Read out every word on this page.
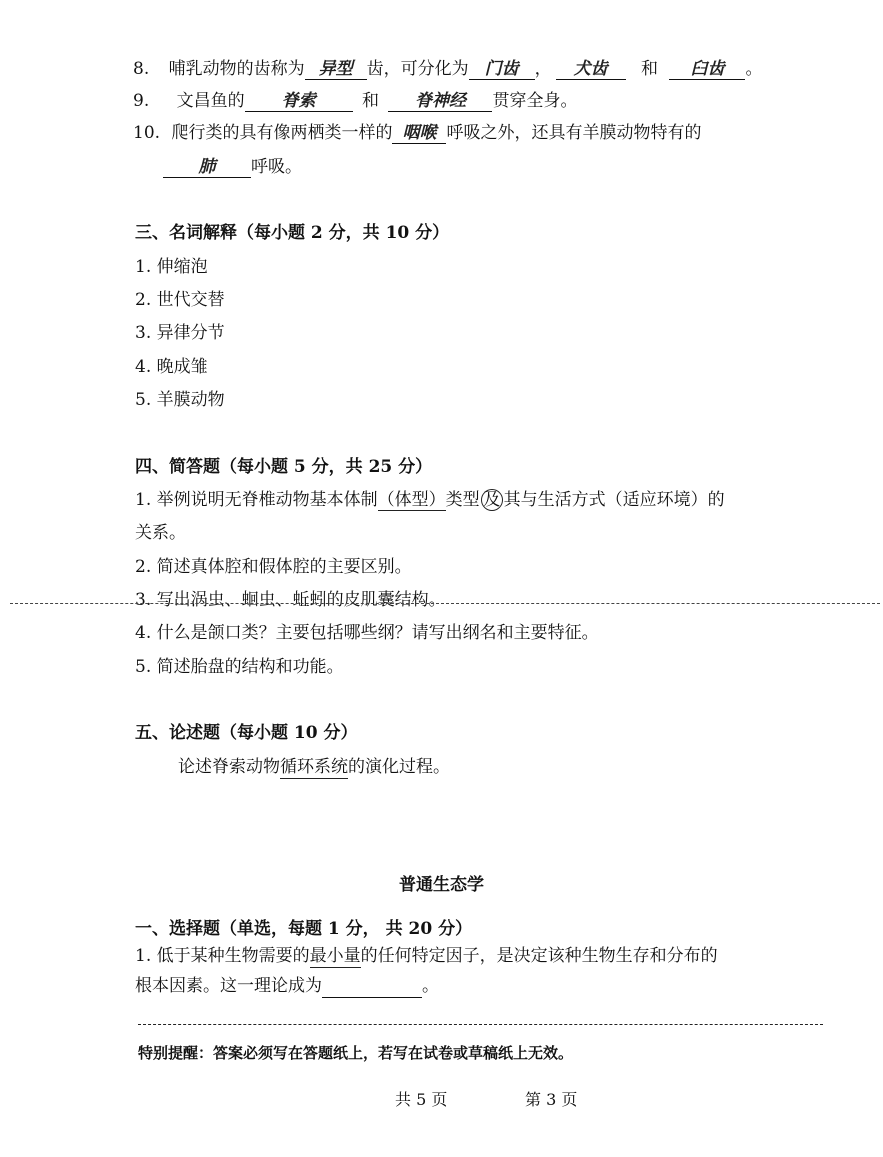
8. 哺乳动物的齿称为 异型 齿，可分化为 门齿 ， 犬齿 和 臼齿 。
9. 文昌鱼的 脊索	和 脊神经 贯穿全身。
10. 爬行类的具有像两栖类一样的 咽喉 呼吸之外，还具有羊膜动物特有的
肺 呼吸。
三、名词解释（每小题 2 分，共 10 分）
1. 伸缩泡
2. 世代交替
3. 异律分节
4. 晚成雏
5. 羊膜动物
四、简答题（每小题 5 分，共 25 分）
1. 举例说明无脊椎动物基本体制（体型）类型 及 其与生活方式（适应环境）的
关系。
2. 简述真体腔和假体腔的主要区别。
3. 写出涡虫、蛔虫、蚯蚓的皮肌囊结构。
4. 什么是颌口类？主要包括哪些纲？请写出纲名和主要特征。
5. 简述胎盘的结构和功能。
五、论述题（每小题 10 分）
论述脊索动物循环系统的演化过程。
普通生态学
一、选择题（单选，每题 1 分， 共 20 分）
1. 低于某种生物需要的最小量的任何特定因子，是决定该种生物生存和分布的
根本因素。这一理论成为	。
特别提醒：答案必须写在答题纸上，若写在试卷或草稿纸上无效。
共 5 页	第 3 页
